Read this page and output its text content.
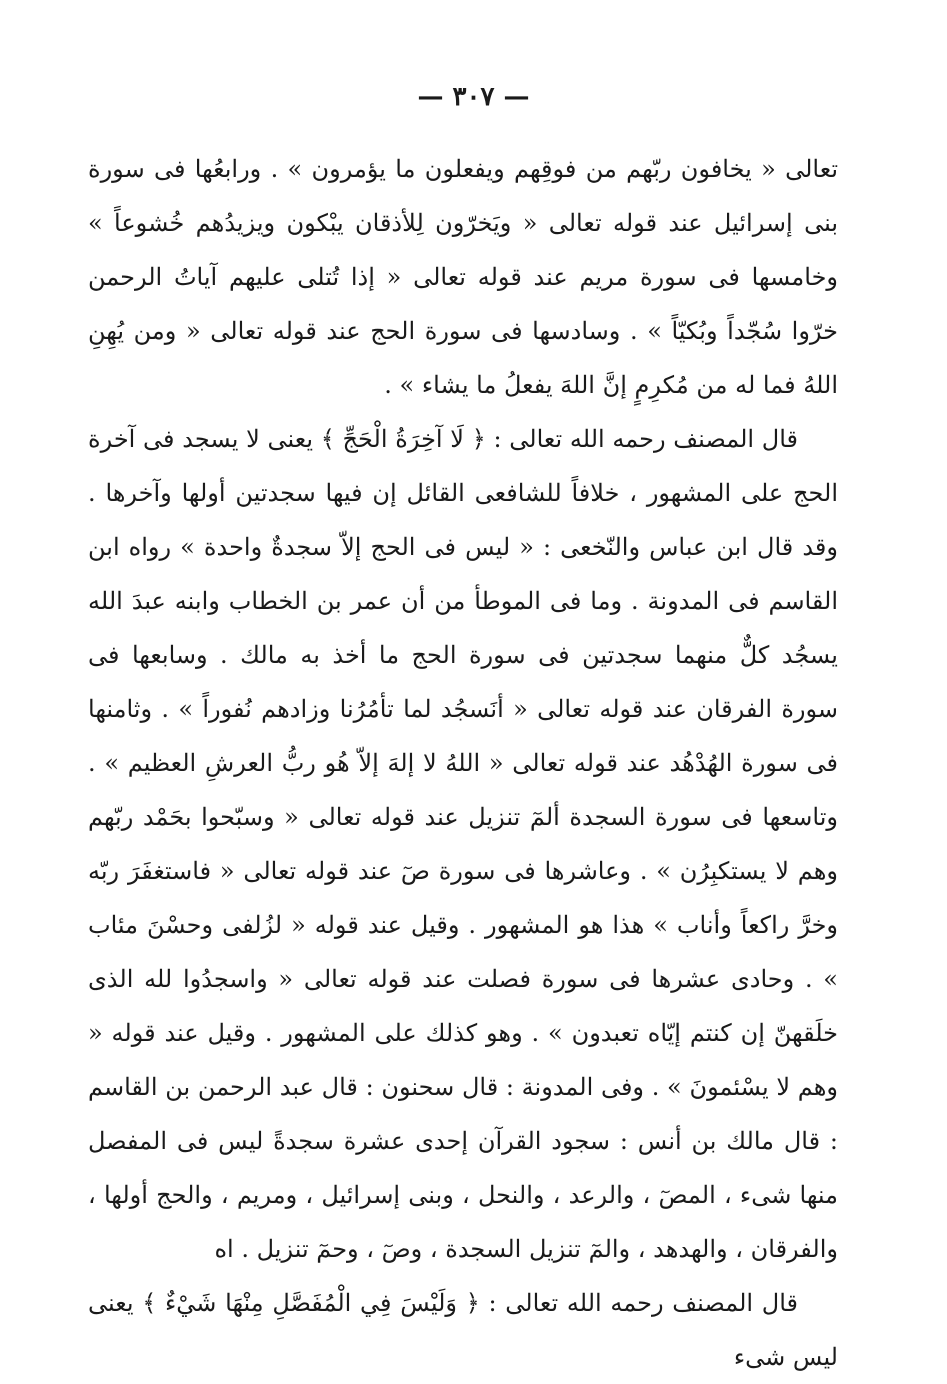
— ٣٠٧ —

تعالى « يخافون ربّهم من فوقِهم ويفعلون ما يؤمرون » . ورابعُها فى سورة بنى إسرائيل عند قوله تعالى « ويَخرّون لِلأذقان يبْكون ويزيدُهم خُشوعاً » وخامسها فى سورة مريم عند قوله تعالى « إذا تُتلى عليهم آياتُ الرحمن خرّوا سُجّداً وبُكيّاً » . وسادسها فى سورة الحج عند قوله تعالى « ومن يُهِنِ اللهُ فما له من مُكرِمٍ إنَّ اللهَ يفعلُ ما يشاء » .

قال المصنف رحمه الله تعالى : ﴿ لَا آخِرَةُ الْحَجِّ ﴾ يعنى لا يسجد فى آخرة الحج على المشهور ، خلافاً للشافعى القائل إن فيها سجدتين أولها وآخرها . وقد قال ابن عباس والنّخعى : « ليس فى الحج إلاّ سجدةٌ واحدة » رواه ابن القاسم فى المدونة . وما فى الموطأ من أن عمر بن الخطاب وابنه عبدَ الله يسجُد كلٌّ منهما سجدتين فى سورة الحج ما أخذ به مالك . وسابعها فى سورة الفرقان عند قوله تعالى « أنَسجُد لما تأمُرُنا وزادهم نُفوراً » . وثامنها فى سورة الهُدْهُد عند قوله تعالى « اللهُ لا إلهَ إلاّ هُو ربُّ العرشِ العظيم » . وتاسعها فى سورة السجدة ألمٓ تنزيل عند قوله تعالى « وسبّحوا بحَمْد ربّهم وهم لا يستكبِرُن » . وعاشرها فى سورة صٓ عند قوله تعالى « فاستغفَرَ ربّه وخرَّ راكعاً وأناب » هذا هو المشهور . وقيل عند قوله « لزُلفى وحسْنَ مئاب » . وحادى عشرها فى سورة فصلت عند قوله تعالى « واسجدُوا لله الذى خلَقهنّ إن كنتم إيّاه تعبدون » . وهو كذلك على المشهور . وقيل عند قوله « وهم لا يسْئمونَ » . وفى المدونة : قال سحنون : قال عبد الرحمن بن القاسم : قال مالك بن أنس : سجود القرآن إحدى عشرة سجدةً ليس فى المفصل منها شىء ، المصٓ ، والرعد ، والنحل ، وبنى إسرائيل ، ومريم ، والحج أولها ، والفرقان ، والهدهد ، والمٓ تنزيل السجدة ، وصٓ ، وحمٓ تنزيل . اه

قال المصنف رحمه الله تعالى : ﴿ وَلَيْسَ فِي الْمُفَصَّلِ مِنْهَا شَيْءٌ ﴾ يعنى ليس شىء
